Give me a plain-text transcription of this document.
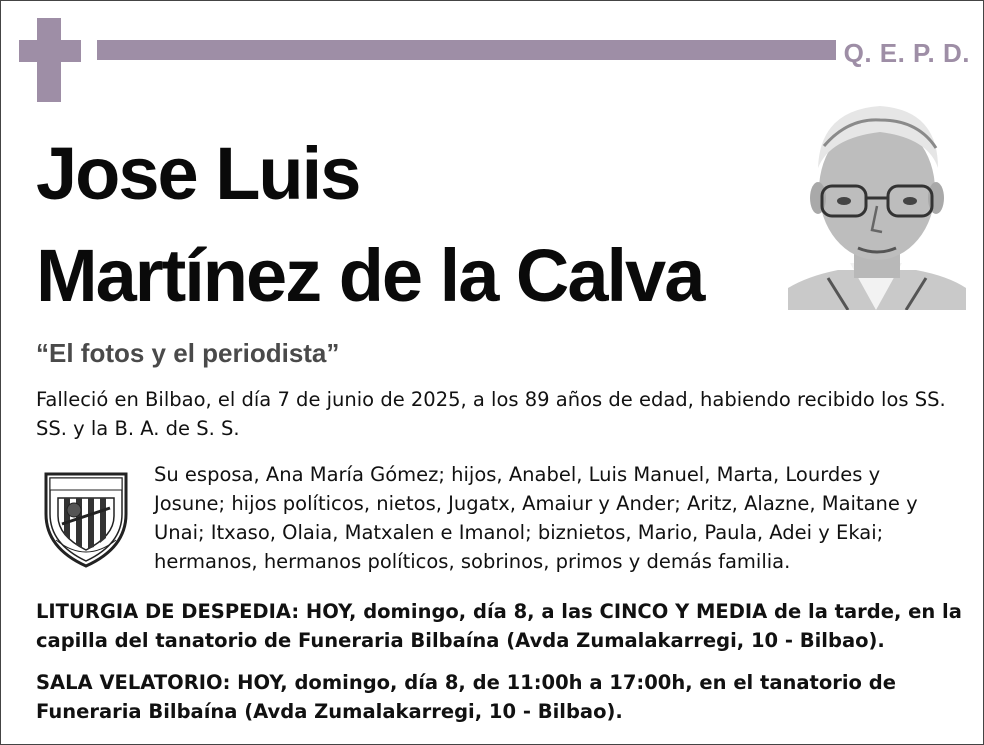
Q. E. P. D.
Jose Luis
Martínez de la Calva
“El fotos y el periodista”
Falleció en Bilbao, el día 7 de junio de 2025, a los 89 años de edad, habiendo recibido los SS. SS. y la B. A. de S. S.
Su esposa, Ana María Gómez; hijos, Anabel, Luis Manuel, Marta, Lourdes y Josune; hijos políticos, nietos, Jugatx, Amaiur y Ander; Aritz, Alazne, Maitane y Unai; Itxaso, Olaia, Matxalen e Imanol; biznietos, Mario, Paula, Adei y Ekai; hermanos, hermanos políticos, sobrinos, primos y demás familia.
LITURGIA DE DESPEDIA: HOY, domingo, día 8, a las CINCO Y MEDIA de la tarde, en la capilla del tanatorio de Funeraria Bilbaína (Avda Zumalakarregi, 10 - Bilbao).
SALA VELATORIO: HOY, domingo, día 8, de 11:00h a 17:00h, en el tanatorio de Funeraria Bilbaína (Avda Zumalakarregi, 10 - Bilbao).
